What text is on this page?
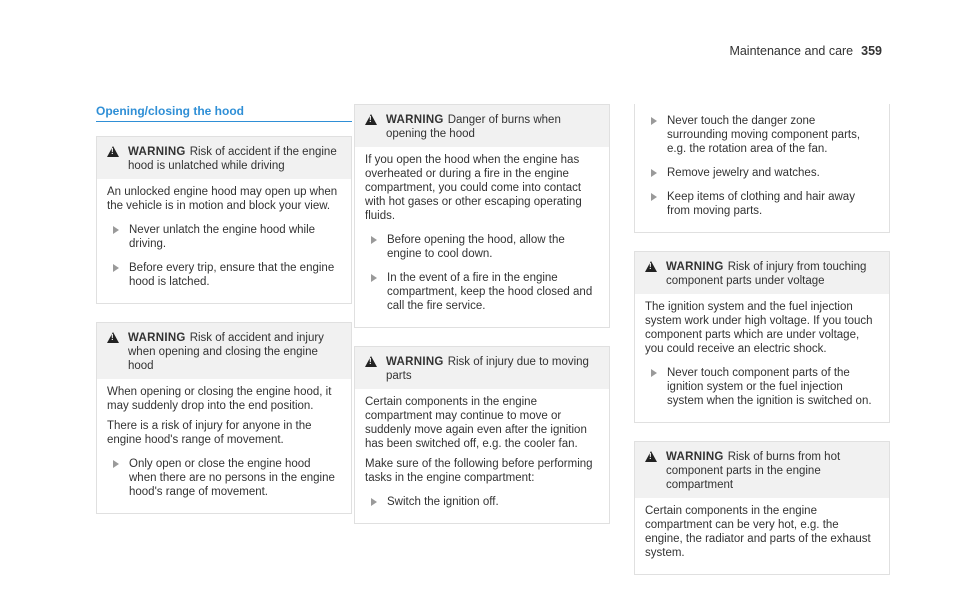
Maintenance and care 359
Opening/closing the hood
! WARNING Risk of accident if the engine hood is unlatched while driving

An unlocked engine hood may open up when the vehicle is in motion and block your view.

Never unlatch the engine hood while driving.
Before every trip, ensure that the engine hood is latched.
! WARNING Risk of accident and injury when opening and closing the engine hood

When opening or closing the engine hood, it may suddenly drop into the end position.

There is a risk of injury for anyone in the engine hood's range of movement.

Only open or close the engine hood when there are no persons in the engine hood's range of movement.
! WARNING Danger of burns when opening the hood

If you open the hood when the engine has overheated or during a fire in the engine compartment, you could come into contact with hot gases or other escaping operating fluids.

Before opening the hood, allow the engine to cool down.
In the event of a fire in the engine compartment, keep the hood closed and call the fire service.
! WARNING Risk of injury due to moving parts

Certain components in the engine compartment may continue to move or suddenly move again even after the ignition has been switched off, e.g. the cooler fan.

Make sure of the following before performing tasks in the engine compartment:

Switch the ignition off.
Never touch the danger zone surrounding moving component parts, e.g. the rotation area of the fan.
Remove jewelry and watches.
Keep items of clothing and hair away from moving parts.
! WARNING Risk of injury from touching component parts under voltage

The ignition system and the fuel injection system work under high voltage. If you touch component parts which are under voltage, you could receive an electric shock.

Never touch component parts of the ignition system or the fuel injection system when the ignition is switched on.
! WARNING Risk of burns from hot component parts in the engine compartment

Certain components in the engine compartment can be very hot, e.g. the engine, the radiator and parts of the exhaust system.
